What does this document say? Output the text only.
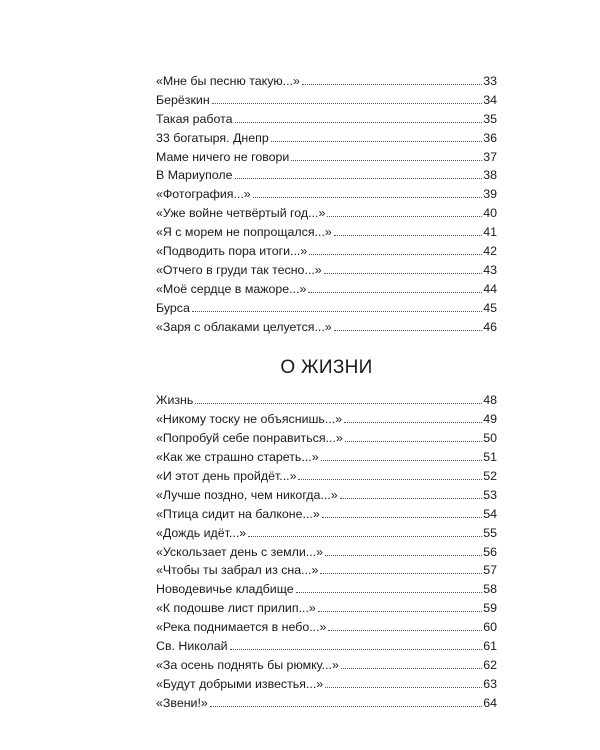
«Мне бы песню такую...»	33
Берёзкин	34
Такая работа	35
33 богатыря. Днепр	36
Маме ничего не говори	37
В Мариуполе	38
«Фотография...»	39
«Уже войне четвёртый год...»	40
«Я с морем не попрощался...»	41
«Подводить пора итоги...»	42
«Отчего в груди так тесно...»	43
«Моё сердце в мажоре...»	44
Бурса	45
«Заря с облаками целуется...»	46
О ЖИЗНИ
Жизнь	48
«Никому тоску не объяснишь...»	49
«Попробуй себе понравиться...»	50
«Как же страшно стареть...»	51
«И этот день пройдёт...»	52
«Лучше поздно, чем никогда...»	53
«Птица сидит на балконе...»	54
«Дождь идёт...»	55
«Ускользает день с земли...»	56
«Чтобы ты забрал из сна...»	57
Новодевичье кладбище	58
«К подошве лист прилип...»	59
«Река поднимается в небо...»	60
Св. Николай	61
«За осень поднять бы рюмку...»	62
«Будут добрыми известья...»	63
«Звени!»	64
